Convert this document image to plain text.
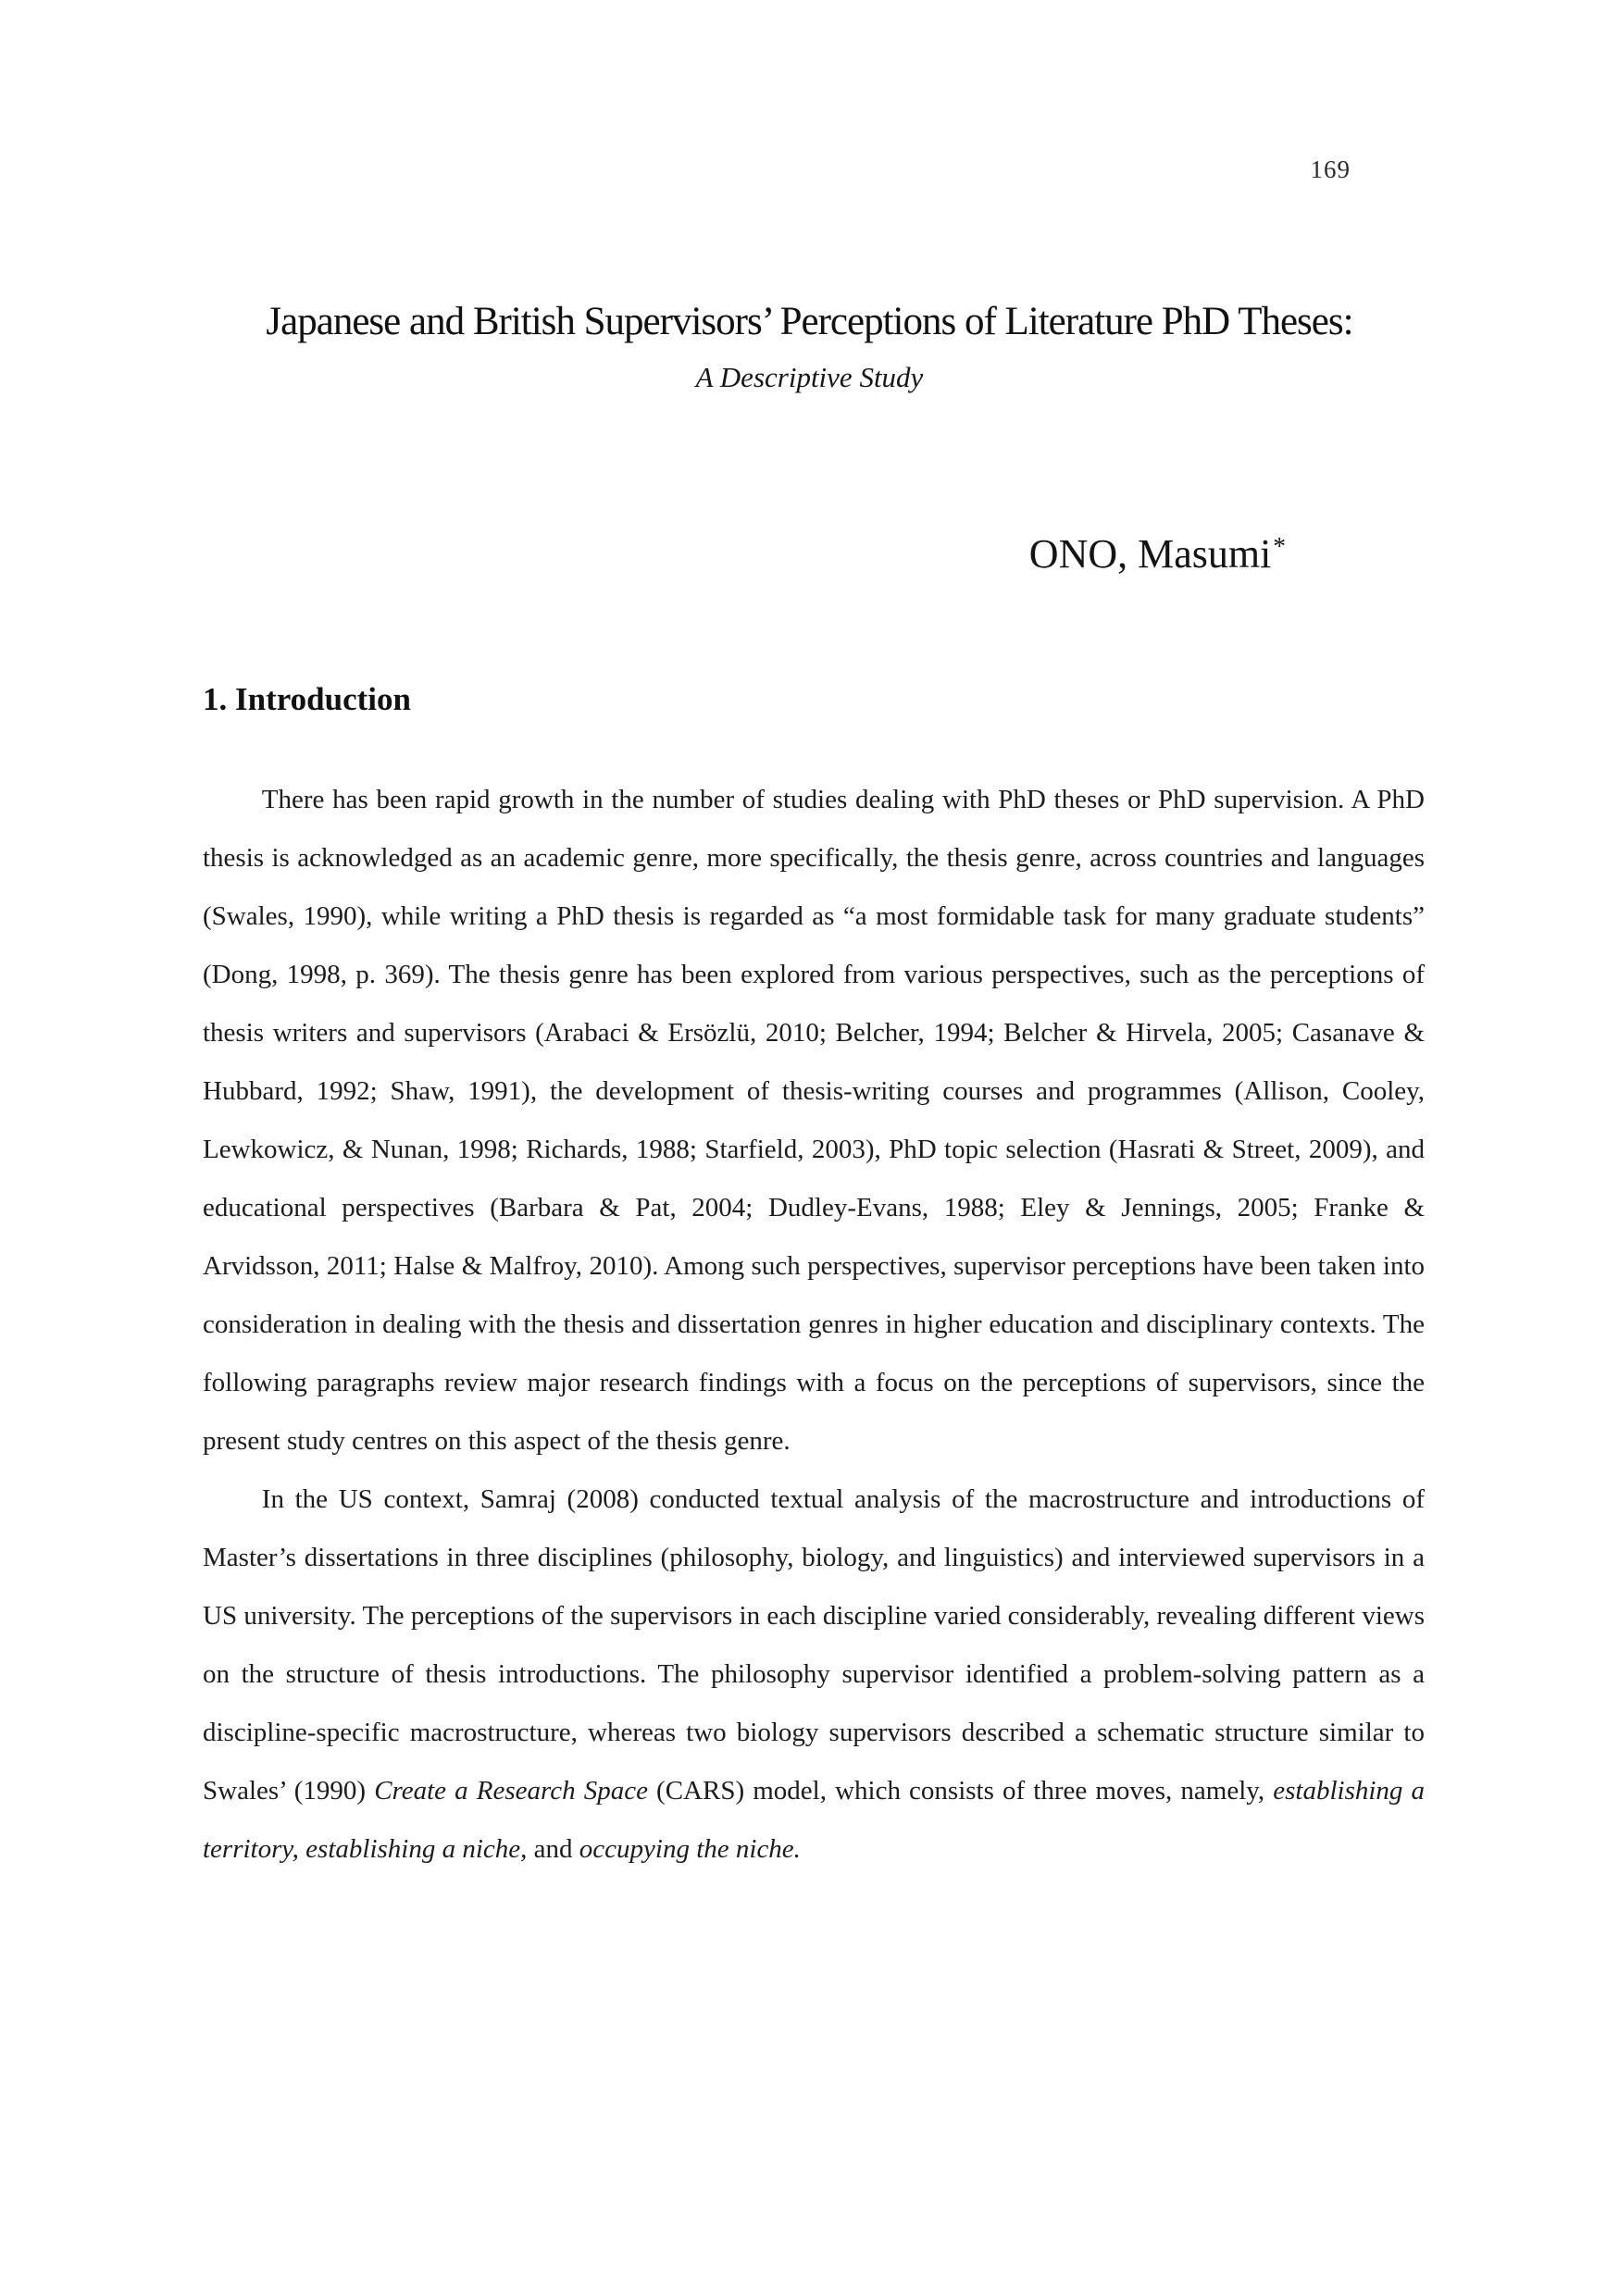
169
Japanese and British Supervisors’ Perceptions of Literature PhD Theses:
A Descriptive Study
ONO, Masumi*
1. Introduction

There has been rapid growth in the number of studies dealing with PhD theses or PhD supervision. A PhD thesis is acknowledged as an academic genre, more specifically, the thesis genre, across countries and languages (Swales, 1990), while writing a PhD thesis is regarded as “a most formidable task for many graduate students” (Dong, 1998, p. 369). The thesis genre has been explored from various perspectives, such as the perceptions of thesis writers and supervisors (Arabaci & Ersözlü, 2010; Belcher, 1994; Belcher & Hirvela, 2005; Casanave & Hubbard, 1992; Shaw, 1991), the development of thesis-writing courses and programmes (Allison, Cooley, Lewkowicz, & Nunan, 1998; Richards, 1988; Starfield, 2003), PhD topic selection (Hasrati & Street, 2009), and educational perspectives (Barbara & Pat, 2004; Dudley-Evans, 1988; Eley & Jennings, 2005; Franke & Arvidsson, 2011; Halse & Malfroy, 2010). Among such perspectives, supervisor perceptions have been taken into consideration in dealing with the thesis and dissertation genres in higher education and disciplinary contexts. The following paragraphs review major research findings with a focus on the perceptions of supervisors, since the present study centres on this aspect of the thesis genre.

In the US context, Samraj (2008) conducted textual analysis of the macrostructure and introductions of Master’s dissertations in three disciplines (philosophy, biology, and linguistics) and interviewed supervisors in a US university. The perceptions of the supervisors in each discipline varied considerably, revealing different views on the structure of thesis introductions. The philosophy supervisor identified a problem-solving pattern as a discipline-specific macrostructure, whereas two biology supervisors described a schematic structure similar to Swales’ (1990) Create a Research Space (CARS) model, which consists of three moves, namely, establishing a territory, establishing a niche, and occupying the niche.
